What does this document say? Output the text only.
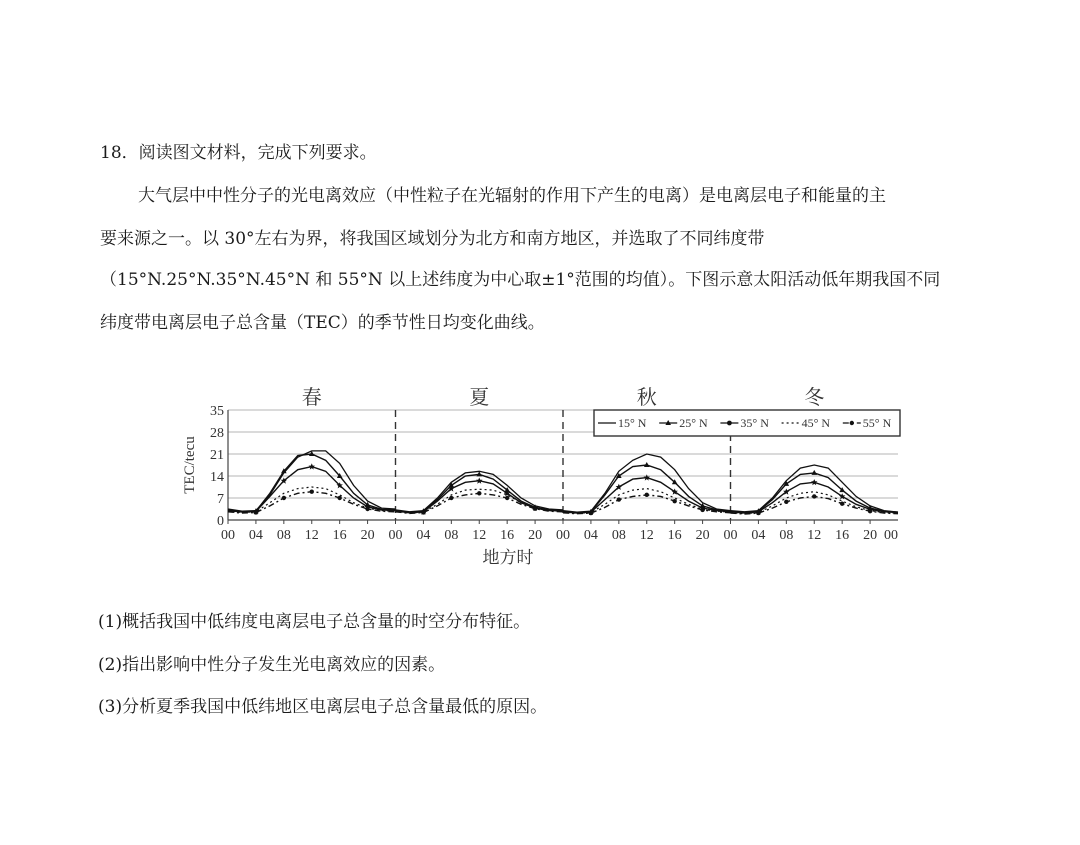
18．阅读图文材料，完成下列要求。
大气层中中性分子的光电离效应（中性粒子在光辐射的作用下产生的电离）是电离层电子和能量的主
要来源之一。以 30°左右为界，将我国区域划分为北方和南方地区，并选取了不同纬度带
（15°N.25°N.35°N.45°N 和 55°N 以上述纬度为中心取±1°范围的均值）。下图示意太阳活动低年期我国不同
纬度带电离层电子总含量（TEC）的季节性日均变化曲线。
0
7
14
21
28
35
TEC/tecu
春	夏	秋	冬
00 04 08 12 16 20 00 04 08 12 16 20 00 04 08 12 16 20 00 04 08 12 16 20 00
地方时
15° N	25° N	35° N	45° N	55° N
(1)概括我国中低纬度电离层电子总含量的时空分布特征。
(2)指出影响中性分子发生光电离效应的因素。
(3)分析夏季我国中低纬地区电离层电子总含量最低的原因。
